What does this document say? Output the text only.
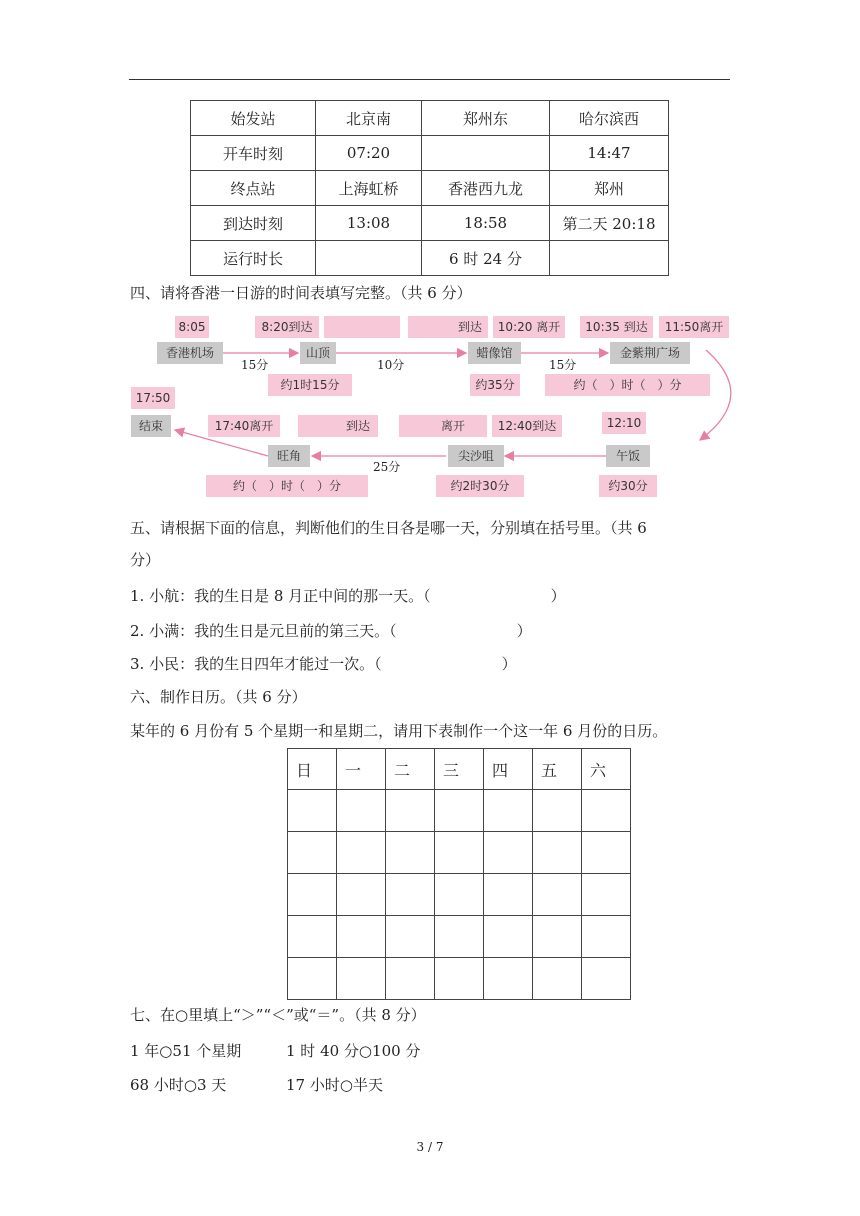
始发站	北京南	郑州东	哈尔滨西
开车时刻	07:20		14:47
终点站	上海虹桥	香港西九龙	郑州
到达时刻	13:08	18:58	第二天 20:18
运行时长		6 时 24 分	
四、请将香港一日游的时间表填写完整。（共 6 分）
8:05	8:20到达	到达	10:20 离开	10:35 到达	11:50离开
香港机场	山顶	蜡像馆	金紫荆广场
15分	10分	15分
约1时15分	约35分	约（　）时（　）分
17:50
结束	17:40离开	到达	离开	12:40到达	12:10
旺角	尖沙咀	午饭
25分
约（　）时（　）分	约2时30分	约30分
五、请根据下面的信息，判断他们的生日各是哪一天，分别填在括号里。（共 6
分）
1. 小航：我的生日是 8 月正中间的那一天。（　　　　　　　　）
2. 小满：我的生日是元旦前的第三天。（　　　　　　　　）
3. 小民：我的生日四年才能过一次。（　　　　　　　　）
六、制作日历。（共 6 分）
某年的 6 月份有 5 个星期一和星期二，请用下表制作一个这一年 6 月份的日历。
日	一	二	三	四	五	六

七、在○里填上“＞”“＜”或“＝”。（共 8 分）
1 年○51 个星期	1 时 40 分○100 分
68 小时○3 天	17 小时○半天
3 / 7
